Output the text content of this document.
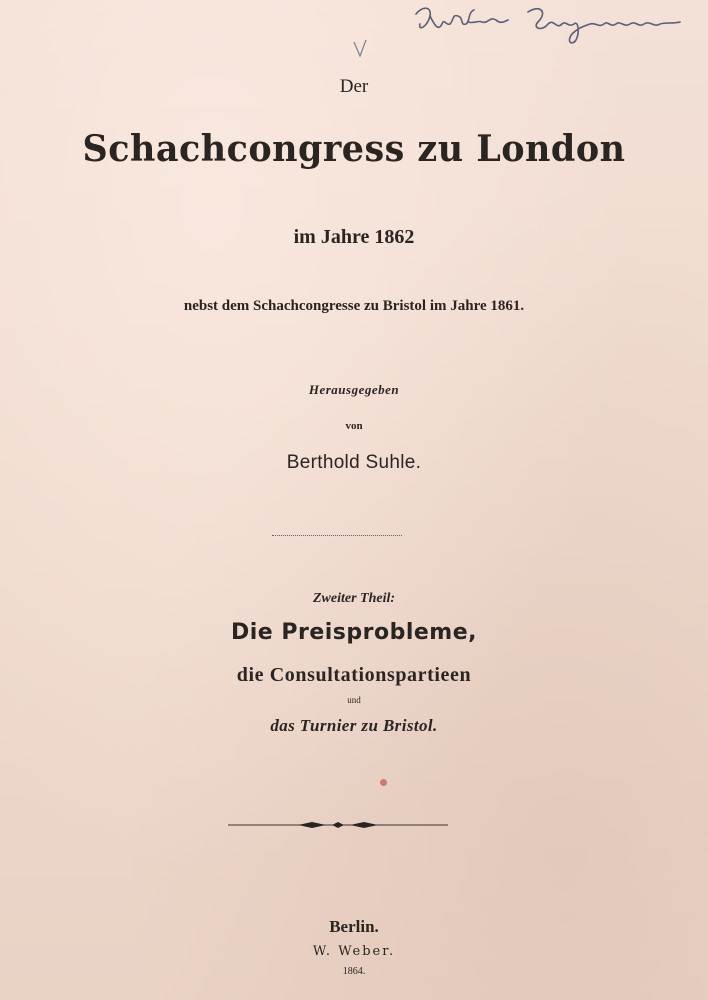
Der
Schachcongress zu London
im Jahre 1862
nebst dem Schachcongresse zu Bristol im Jahre 1861.
Herausgegeben
von
Berthold Suhle.
Zweiter Theil:
Die Preisprobleme,
die Consultationspartieen
und
das Turnier zu Bristol.
Berlin.
W. Weber.
1864.
